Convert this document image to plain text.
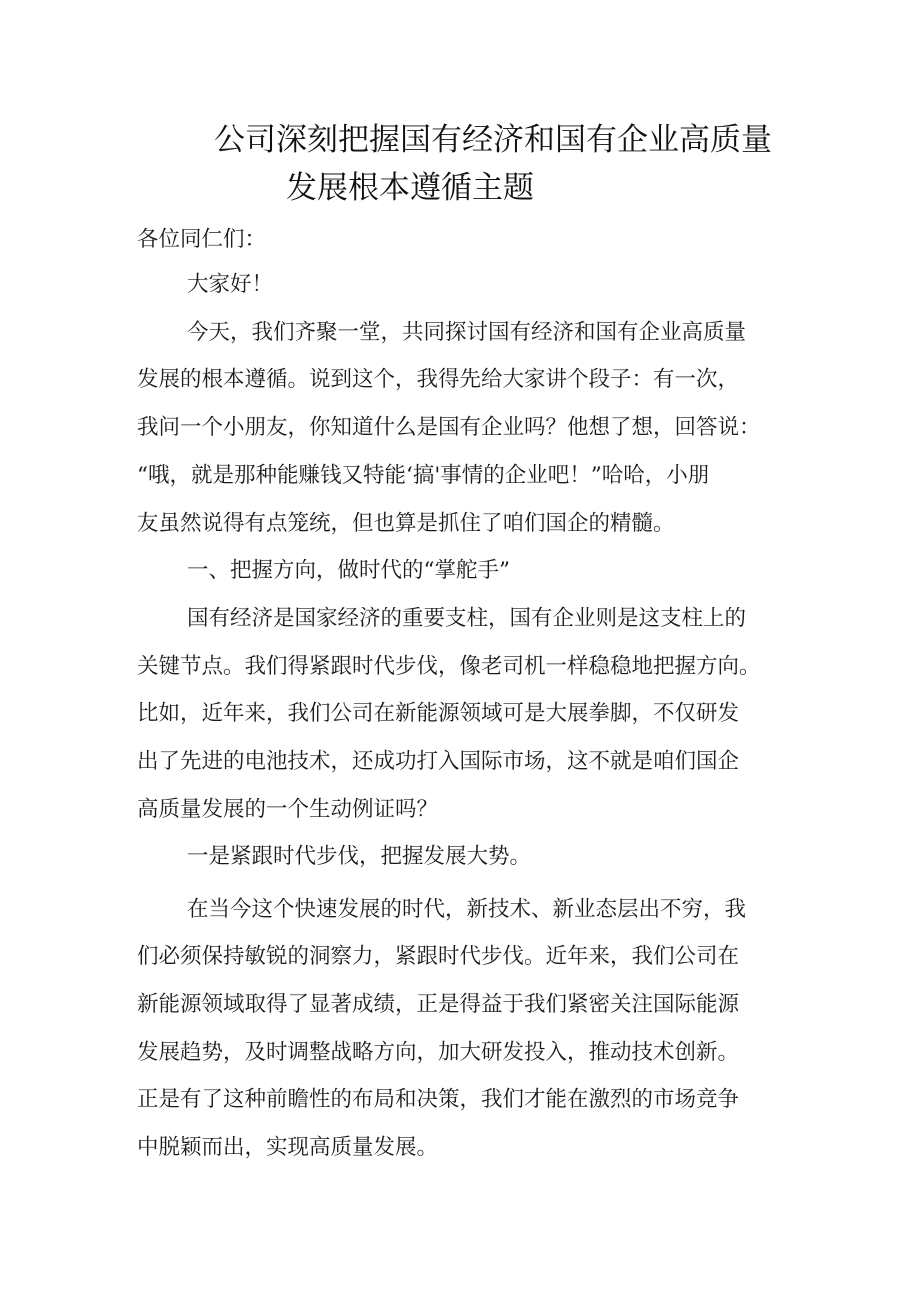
公司深刻把握国有经济和国有企业高质量
发展根本遵循主题
各位同仁们：
大家好！
今天，我们齐聚一堂，共同探讨国有经济和国有企业高质量
发展的根本遵循。说到这个，我得先给大家讲个段子：有一次，
我问一个小朋友，你知道什么是国有企业吗？他想了想，回答说：
“哦，就是那种能赚钱又特能‘搞'事情的企业吧！”哈哈，小朋
友虽然说得有点笼统，但也算是抓住了咱们国企的精髓。
一、把握方向，做时代的“掌舵手”
国有经济是国家经济的重要支柱，国有企业则是这支柱上的
关键节点。我们得紧跟时代步伐，像老司机一样稳稳地把握方向。
比如，近年来，我们公司在新能源领域可是大展拳脚，不仅研发
出了先进的电池技术，还成功打入国际市场，这不就是咱们国企
高质量发展的一个生动例证吗？
一是紧跟时代步伐，把握发展大势。
在当今这个快速发展的时代，新技术、新业态层出不穷，我
们必须保持敏锐的洞察力，紧跟时代步伐。近年来，我们公司在
新能源领域取得了显著成绩，正是得益于我们紧密关注国际能源
发展趋势，及时调整战略方向，加大研发投入，推动技术创新。
正是有了这种前瞻性的布局和决策，我们才能在激烈的市场竞争
中脱颖而出，实现高质量发展。
